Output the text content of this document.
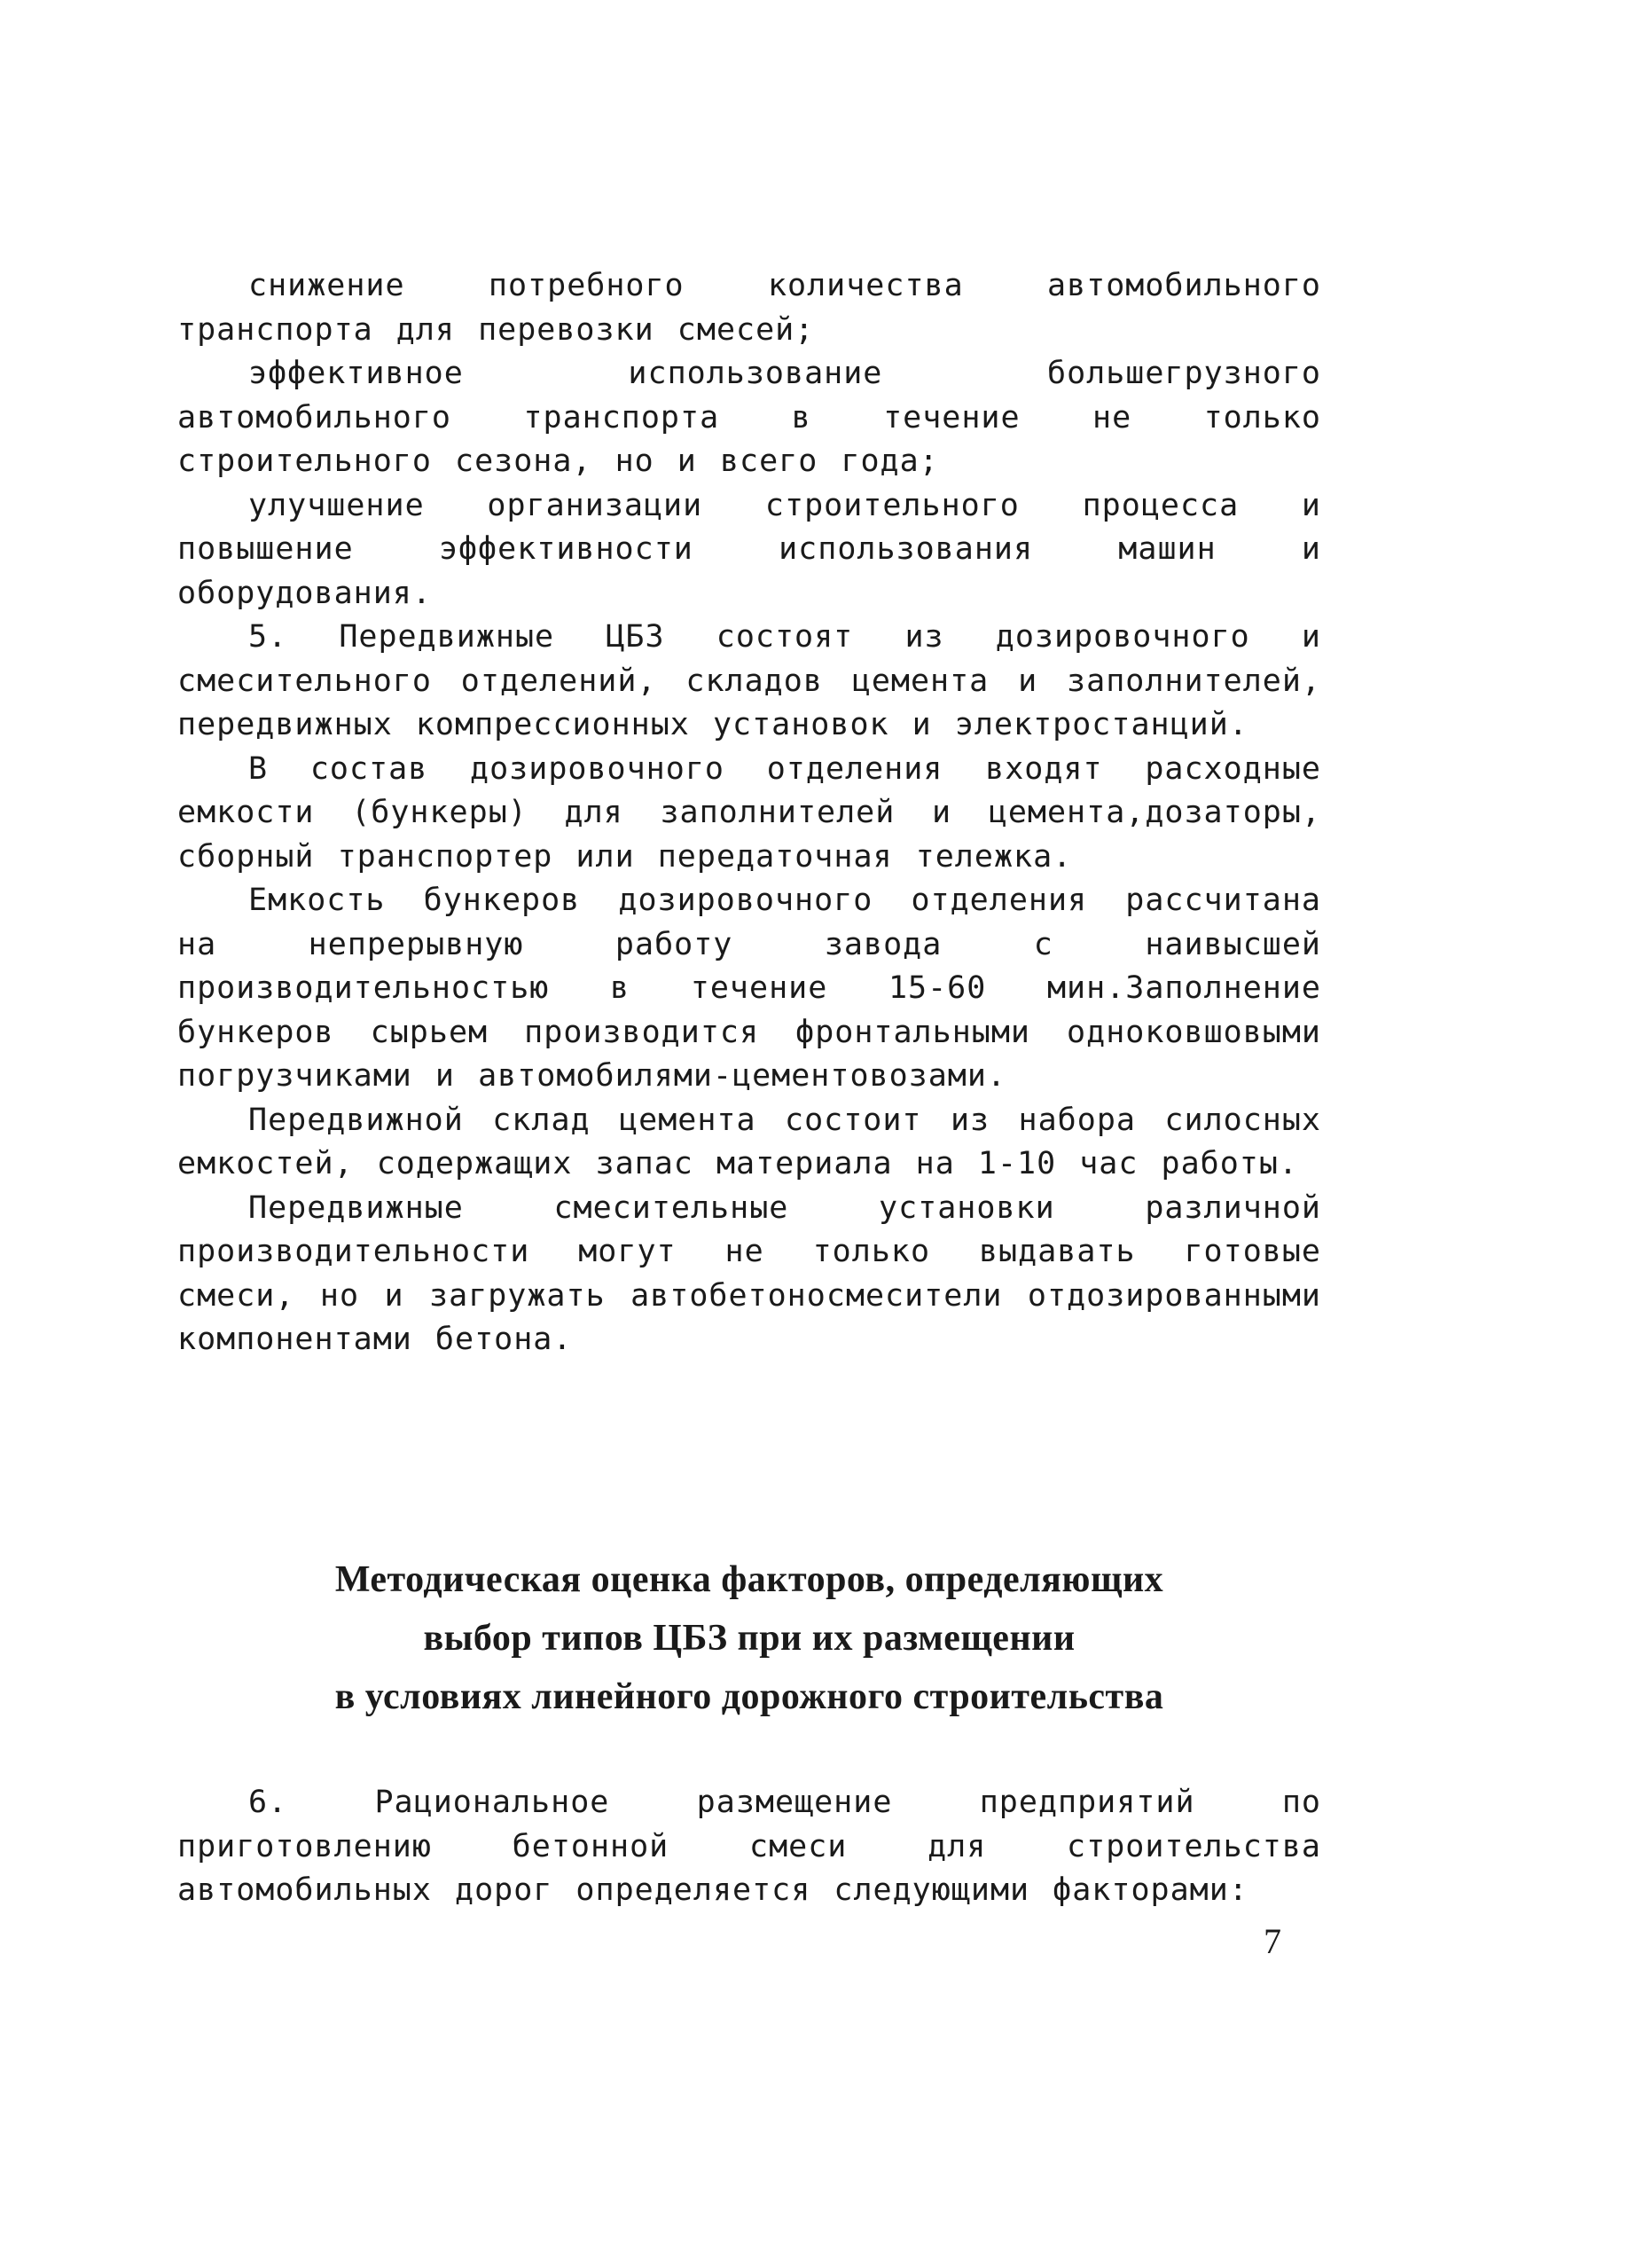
снижение потребного количества автомобильного транспорта для перевозки смесей;

эффективное использование большегрузного автомобильного транспорта в течение не только строительного сезона, но и всего года;

улучшение организации строительного процесса и повышение эффективности использования машин и оборудования.

5. Передвижные ЦБЗ состоят из дозировочного и смесительного отделений, складов цемента и заполнителей, передвижных компрессионных установок и электростанций.

В состав дозировочного отделения входят расходные емкости (бункеры) для заполнителей и цемента,дозаторы, сборный транспортер или передаточная тележка.

Емкость бункеров дозировочного отделения рассчитана на непрерывную работу завода с наивысшей производительностью в течение 15-60 мин.Заполнение бункеров сырьем производится фронтальными одноковшовыми погрузчиками и автомобилями-цементовозами.

Передвижной склад цемента состоит из набора силосных емкостей, содержащих запас материала на 1-10 час работы.

Передвижные смесительные установки различной производительности могут не только выдавать готовые смеси, но и загружать автобетоносмесители отдозированными компонентами бетона.

Методическая оценка факторов, определяющих
выбор типов ЦБЗ при их размещении
в условиях линейного дорожного строительства

6. Рациональное размещение предприятий по приготовлению бетонной смеси для строительства автомобильных дорог определяется следующими факторами:

7
